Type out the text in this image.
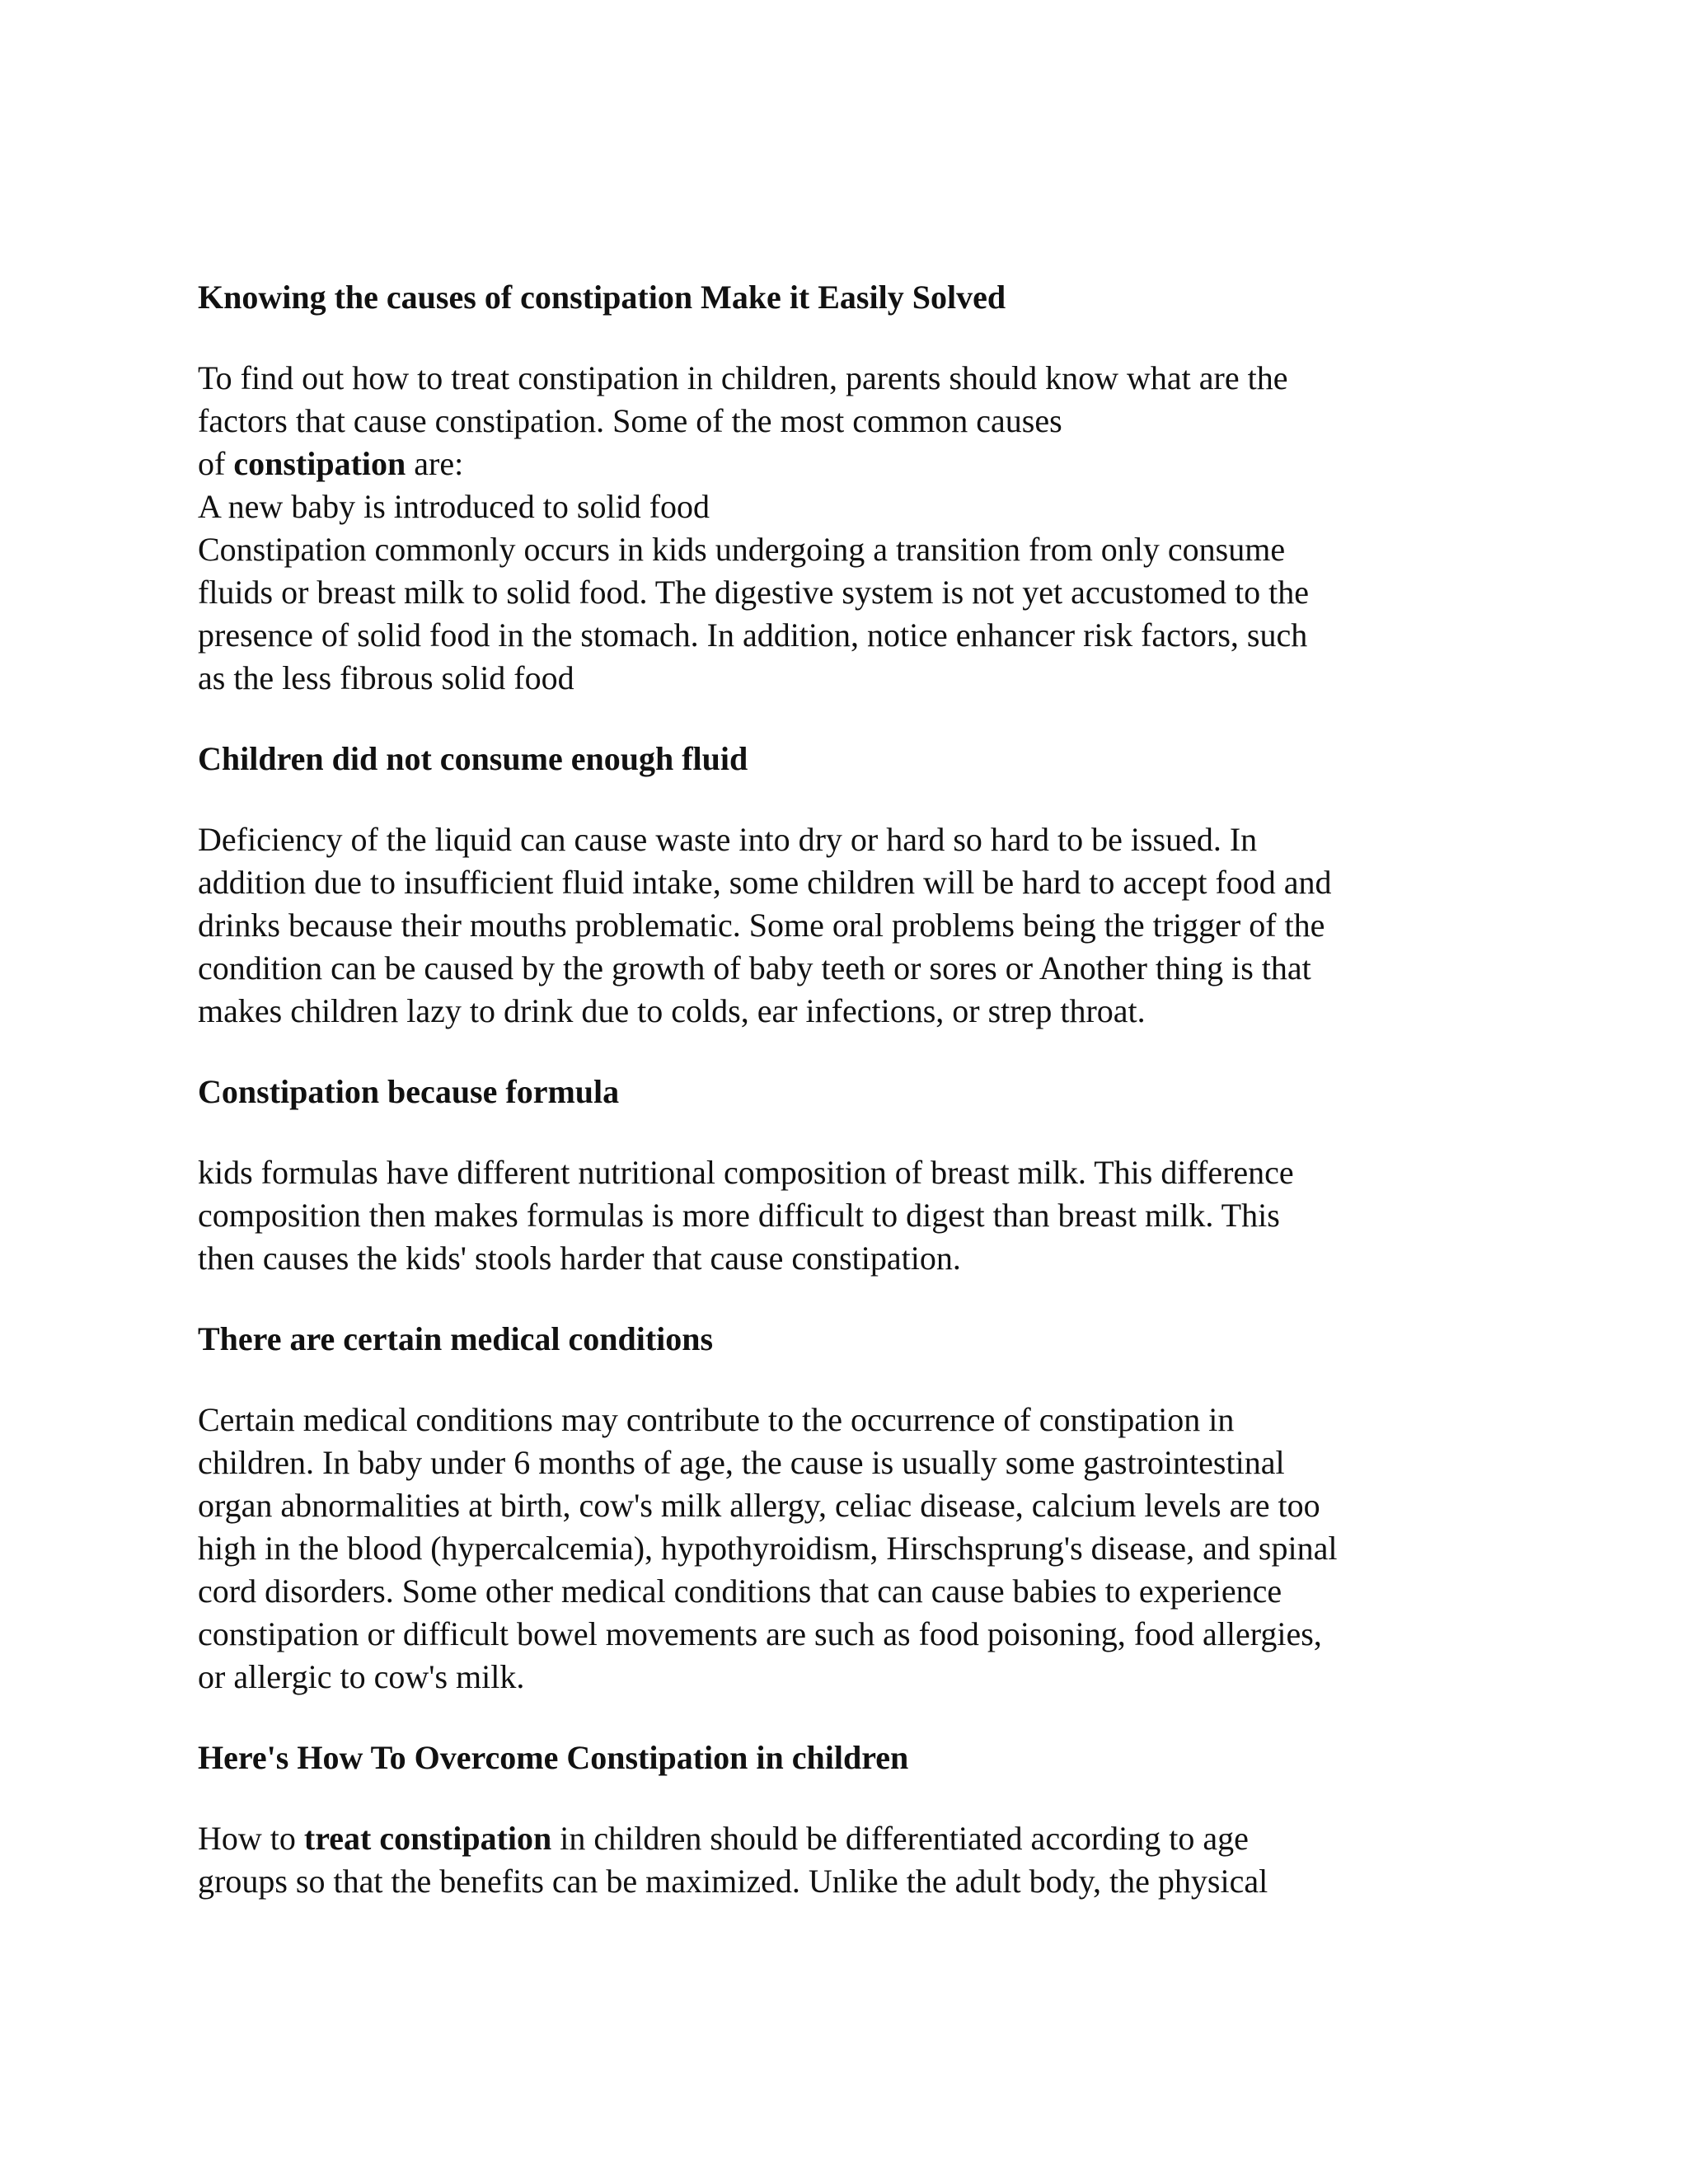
Knowing the causes of constipation Make it Easily Solved

To find out how to treat constipation in children, parents should know what are the
factors that cause constipation. Some of the most common causes
of constipation are:
A new baby is introduced to solid food
Constipation commonly occurs in kids undergoing a transition from only consume
fluids or breast milk to solid food. The digestive system is not yet accustomed to the
presence of solid food in the stomach. In addition, notice enhancer risk factors, such
as the less fibrous solid food

Children did not consume enough fluid

Deficiency of the liquid can cause waste into dry or hard so hard to be issued. In
addition due to insufficient fluid intake, some children will be hard to accept food and
drinks because their mouths problematic. Some oral problems being the trigger of the
condition can be caused by the growth of baby teeth or sores or Another thing is that
makes children lazy to drink due to colds, ear infections, or strep throat.

Constipation because formula

kids formulas have different nutritional composition of breast milk. This difference
composition then makes formulas is more difficult to digest than breast milk. This
then causes the kids' stools harder that cause constipation.

There are certain medical conditions

Certain medical conditions may contribute to the occurrence of constipation in
children. In baby under 6 months of age, the cause is usually some gastrointestinal
organ abnormalities at birth, cow's milk allergy, celiac disease, calcium levels are too
high in the blood (hypercalcemia), hypothyroidism, Hirschsprung's disease, and spinal
cord disorders. Some other medical conditions that can cause babies to experience
constipation or difficult bowel movements are such as food poisoning, food allergies,
or allergic to cow's milk.

Here's How To Overcome Constipation in children

How to treat constipation in children should be differentiated according to age
groups so that the benefits can be maximized. Unlike the adult body, the physical
